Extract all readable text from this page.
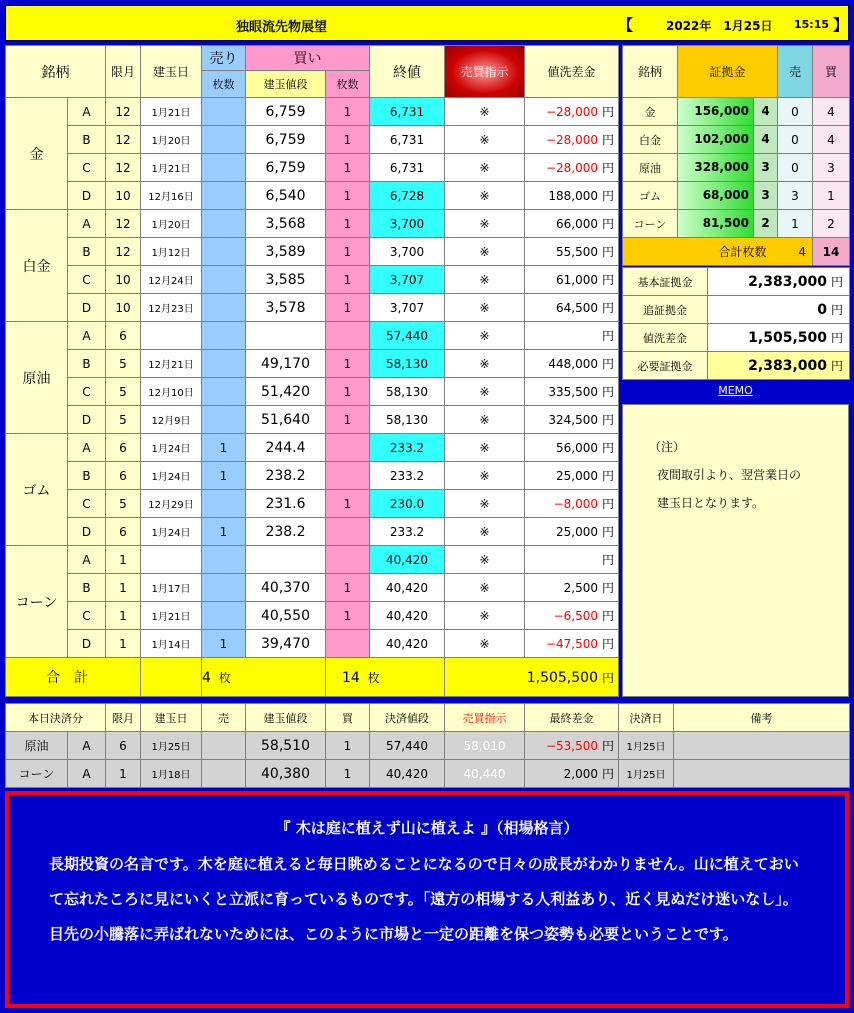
独眼流先物展望	【	2022年　1月25日 15:15 】
銘柄		限月	建玉日	売り	買い		終値	売買指示	値洗差金
				枚数	建玉値段	枚数			
金	A	12	1月21日		6,759	1	6,731	※	−28,000 円
	B	12	1月20日		6,759	1	6,731	※	−28,000 円
	C	12	1月21日		6,759	1	6,731	※	−28,000 円
	D	10	12月16日		6,540	1	6,728	※	188,000 円
白金	A	12	1月20日		3,568	1	3,700	※	66,000 円
	B	12	1月12日		3,589	1	3,700	※	55,500 円
	C	10	12月24日		3,585	1	3,707	※	61,000 円
	D	10	12月23日		3,578	1	3,707	※	64,500 円
原油	A	6					57,440	※	円
	B	5	12月21日		49,170	1	58,130	※	448,000 円
	C	5	12月10日		51,420	1	58,130	※	335,500 円
	D	5	12月9日		51,640	1	58,130	※	324,500 円
ゴム	A	6	1月24日	1	244.4		233.2	※	56,000 円
	B	6	1月24日	1	238.2		233.2	※	25,000 円
	C	5	12月29日		231.6	1	230.0	※	−8,000 円
	D	6	1月24日	1	238.2		233.2	※	25,000 円
コーン	A	1					40,420	※	円
	B	1	1月17日		40,370	1	40,420	※	2,500 円
	C	1	1月21日		40,550	1	40,420	※	−6,500 円
	D	1	1月14日	1	39,470		40,420	※	−47,500 円
合　計				4 枚		14 枚		1,505,500 円	
銘柄	証拠金	売	買
金	156,000 4	0	4
白金	102,000 4	0	4
原油	328,000 3	0	3
ゴム	68,000 3	3	1
コーン	81,500 2	1	2
合計枚数 4			14
基本証拠金	2,383,000 円
追証拠金	0 円
値洗差金	1,505,500 円
必要証拠金	2,383,000 円
MEMO
（注）
夜間取引より、翌営業日の
建玉日となります。
本日決済分		限月	建玉日	売	建玉値段	買	決済値段	売買指示	最終差金	決済日	備考
原油	A	6	1月25日		58,510	1	57,440	58,010	−53,500 円	1月25日	
コーン	A	1	1月18日		40,380	1	40,420	40,440	2,000 円	1月25日	
『 木は庭に植えず山に植えよ 』（相場格言）
長期投資の名言です。木を庭に植えると毎日眺めることになるので日々の成長がわかりません。山に植えておいて忘れたころに見にいくと立派に育っているものです。「遠方の相場する人利益あり、近く見ぬだけ迷いなし」。目先の小騰落に弄ばれないためには、このように市場と一定の距離を保つ姿勢も必要ということです。
